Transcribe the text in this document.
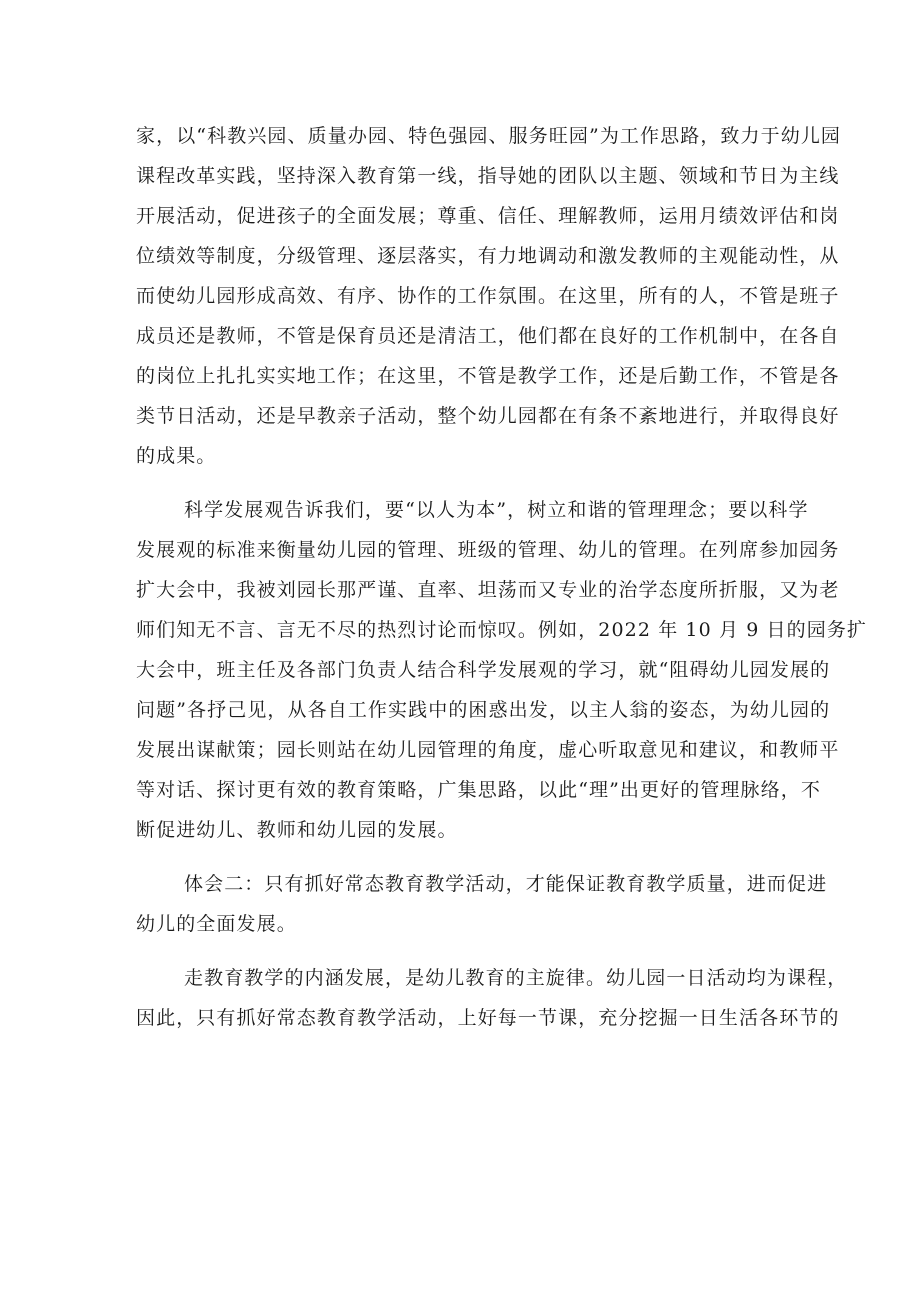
家，以“科教兴园、质量办园、特色强园、服务旺园”为工作思路，致力于幼儿园
课程改革实践，坚持深入教育第一线，指导她的团队以主题、领域和节日为主线
开展活动，促进孩子的全面发展；尊重、信任、理解教师，运用月绩效评估和岗
位绩效等制度，分级管理、逐层落实，有力地调动和激发教师的主观能动性，从
而使幼儿园形成高效、有序、协作的工作氛围。在这里，所有的人，不管是班子
成员还是教师，不管是保育员还是清洁工，他们都在良好的工作机制中，在各自
的岗位上扎扎实实地工作；在这里，不管是教学工作，还是后勤工作，不管是各
类节日活动，还是早教亲子活动，整个幼儿园都在有条不紊地进行，并取得良好
的成果。
科学发展观告诉我们，要“以人为本”，树立和谐的管理理念；要以科学
发展观的标准来衡量幼儿园的管理、班级的管理、幼儿的管理。在列席参加园务
扩大会中，我被刘园长那严谨、直率、坦荡而又专业的治学态度所折服，又为老
师们知无不言、言无不尽的热烈讨论而惊叹。例如，2022 年 10 月 9 日的园务扩
大会中，班主任及各部门负责人结合科学发展观的学习，就“阻碍幼儿园发展的
问题”各抒己见，从各自工作实践中的困惑出发，以主人翁的姿态，为幼儿园的
发展出谋献策；园长则站在幼儿园管理的角度，虚心听取意见和建议，和教师平
等对话、探讨更有效的教育策略，广集思路，以此“理”出更好的管理脉络，不
断促进幼儿、教师和幼儿园的发展。
体会二：只有抓好常态教育教学活动，才能保证教育教学质量，进而促进
幼儿的全面发展。
走教育教学的内涵发展，是幼儿教育的主旋律。幼儿园一日活动均为课程，
因此，只有抓好常态教育教学活动，上好每一节课，充分挖掘一日生活各环节的
